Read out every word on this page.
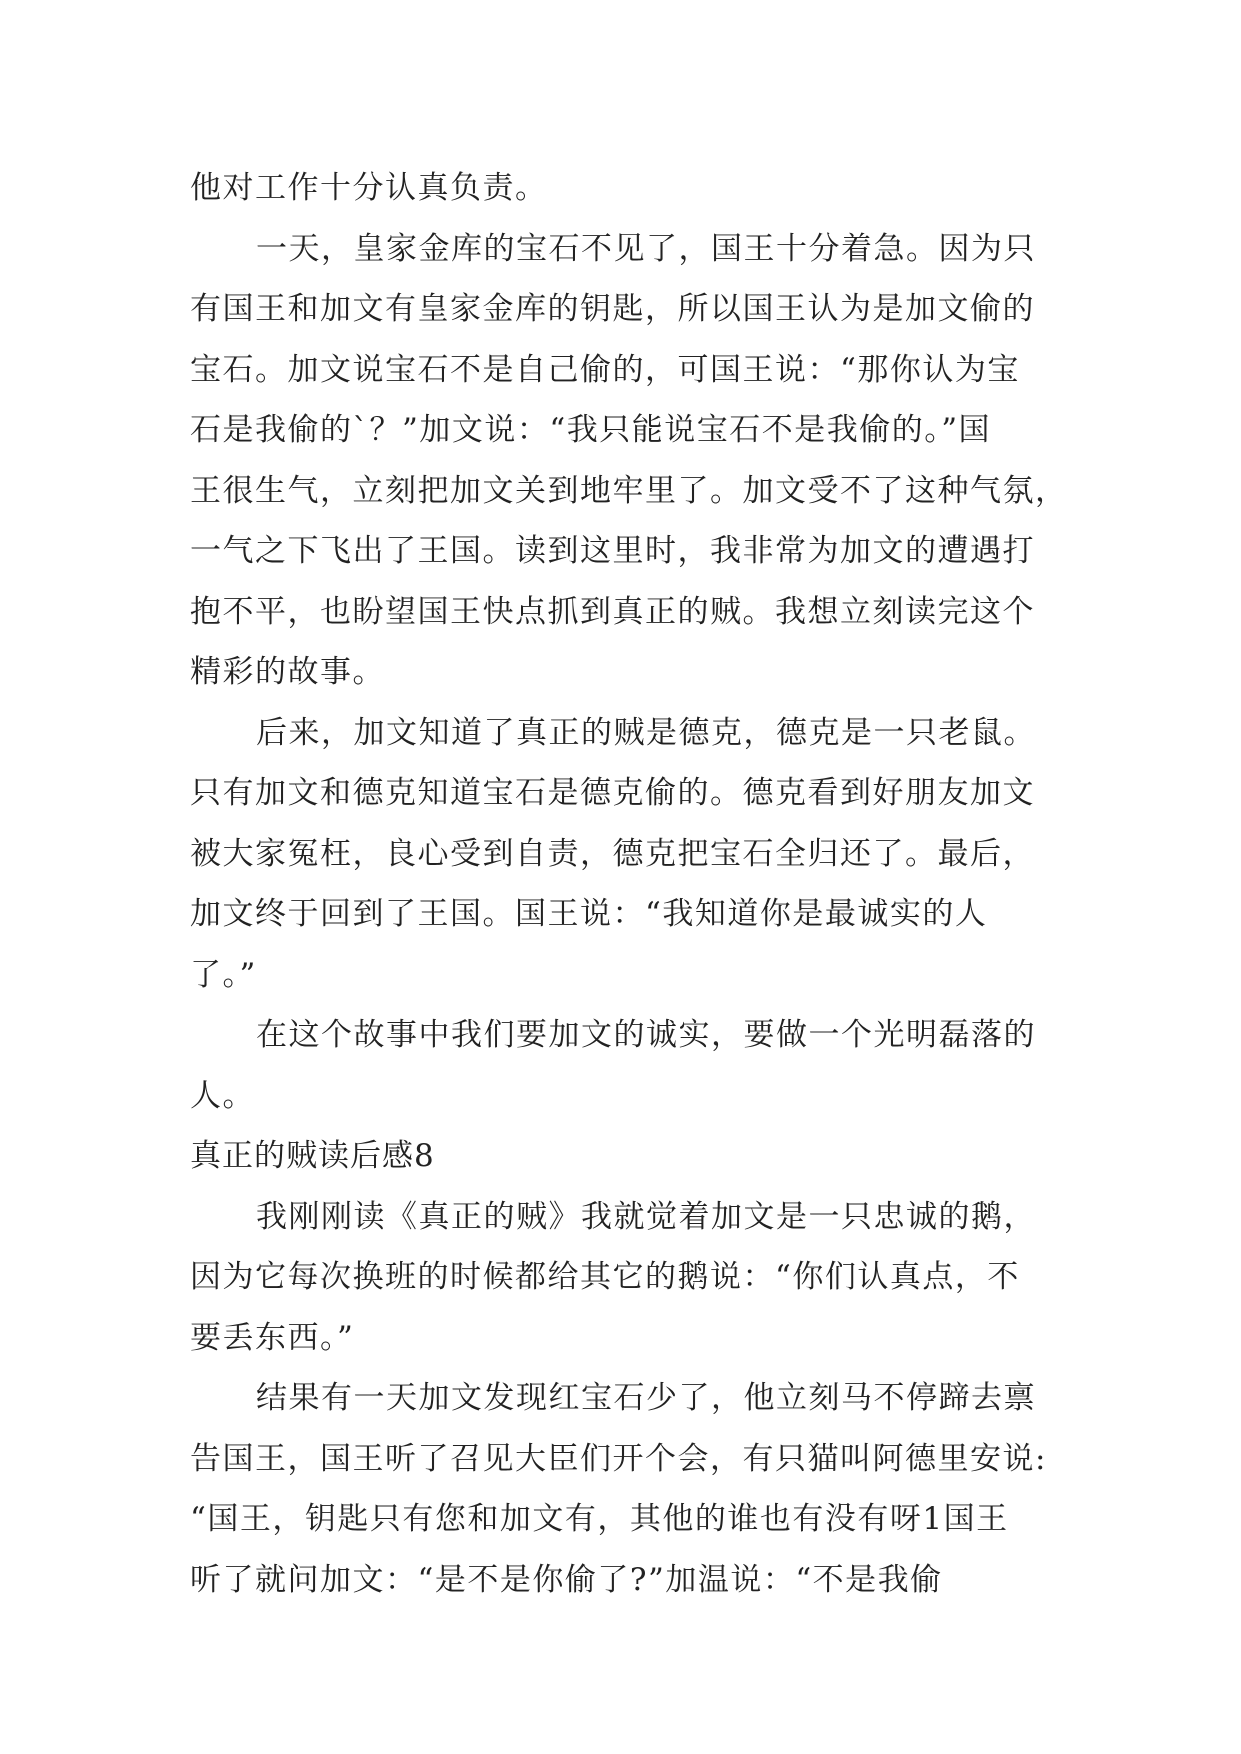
他对工作十分认真负责。
一天，皇家金库的宝石不见了，国王十分着急。因为只
有国王和加文有皇家金库的钥匙，所以国王认为是加文偷的
宝石。加文说宝石不是自己偷的，可国王说：“那你认为宝
石是我偷的`？”加文说：“我只能说宝石不是我偷的。”国
王很生气，立刻把加文关到地牢里了。加文受不了这种气氛，
一气之下飞出了王国。读到这里时，我非常为加文的遭遇打
抱不平，也盼望国王快点抓到真正的贼。我想立刻读完这个
精彩的故事。
后来，加文知道了真正的贼是德克，德克是一只老鼠。
只有加文和德克知道宝石是德克偷的。德克看到好朋友加文
被大家冤枉，良心受到自责，德克把宝石全归还了。最后，
加文终于回到了王国。国王说：“我知道你是最诚实的人
了。”
在这个故事中我们要加文的诚实，要做一个光明磊落的
人。
真正的贼读后感8
我刚刚读《真正的贼》我就觉着加文是一只忠诚的鹅，
因为它每次换班的时候都给其它的鹅说：“你们认真点，不
要丢东西。”
结果有一天加文发现红宝石少了，他立刻马不停蹄去禀
告国王，国王听了召见大臣们开个会，有只猫叫阿德里安说:
“国王，钥匙只有您和加文有，其他的谁也有没有呀1国王
听了就问加文：“是不是你偷了?”加温说：“不是我偷
